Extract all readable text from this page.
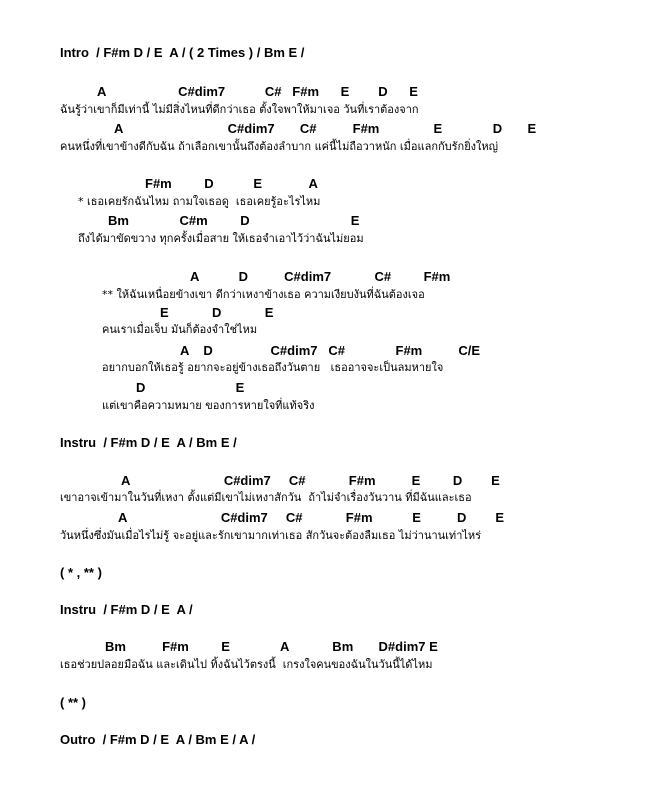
Intro  / F#m D / E  A / ( 2 Times ) / Bm E /
A                    C#dim7           C#   F#m      E        D      E
ฉันรู้ว่าเขาก็มีเท่านี้ ไม่มีสิ่งไหนที่ดีกว่าเธอ ตั้งใจพาให้มาเจอ วันที่เราต้องจาก
A                             C#dim7       C#          F#m               E              D       E
คนหนึ่งที่เขาข้างดีกับฉัน ถ้าเลือกเขานั้นถึงต้องลำบาก แค่นี้ไม่ถือวาหนัก เมื่อแลกกับรักยิ่งใหญ่
F#m         D           E             A
* เธอเคยรักฉันไหม ถามใจเธอดู  เธอเคยรู้อะไรไหม
Bm              C#m         D                            E
ถึงได้มาขัดขวาง ทุกครั้งเมื่อสาย ให้เธอจำเอาไว้ว่าฉันไม่ยอม
A           D          C#dim7            C#         F#m
** ให้ฉันเหนื่อยข้างเขา ดีกว่าเหงาข้างเธอ ความเงียบงันที่ฉันต้องเจอ
E            D            E
คนเราเมื่อเจ็บ มันก็ต้องจำใช่ไหม
A    D                C#dim7   C#              F#m          C/E
อยากบอกให้เธอรู้ อยากจะอยู่ข้างเธอถึงวันตาย   เธออาจจะเป็นลมหายใจ
D                         E
แต่เขาคือความหมาย ของการหายใจที่แท้จริง
Instru  / F#m D / E  A / Bm E /
A                          C#dim7     C#            F#m          E         D        E
เขาอาจเข้ามาในวันที่เหงา ตั้งแต่มีเขาไม่เหงาสักวัน  ถ้าไม่จำเรื่องวันวาน ที่มีฉันและเธอ
A                          C#dim7     C#            F#m           E          D        E
วันหนึ่งซึ่งมันเมื่อไรไม่รู้ จะอยู่และรักเขามากเท่าเธอ สักวันจะต้องลืมเธอ ไม่ว่านานเท่าไหร่
( * , ** )
Instru  / F#m D / E  A /
Bm          F#m         E              A            Bm       D#dim7 E
เธอช่วยปลอยมือฉัน และเดินไป ทิ้งฉันไว้ตรงนี้  เกรงใจคนของฉันในวันนี้ได้ไหม
( ** )
Outro  / F#m D / E  A / Bm E / A /
